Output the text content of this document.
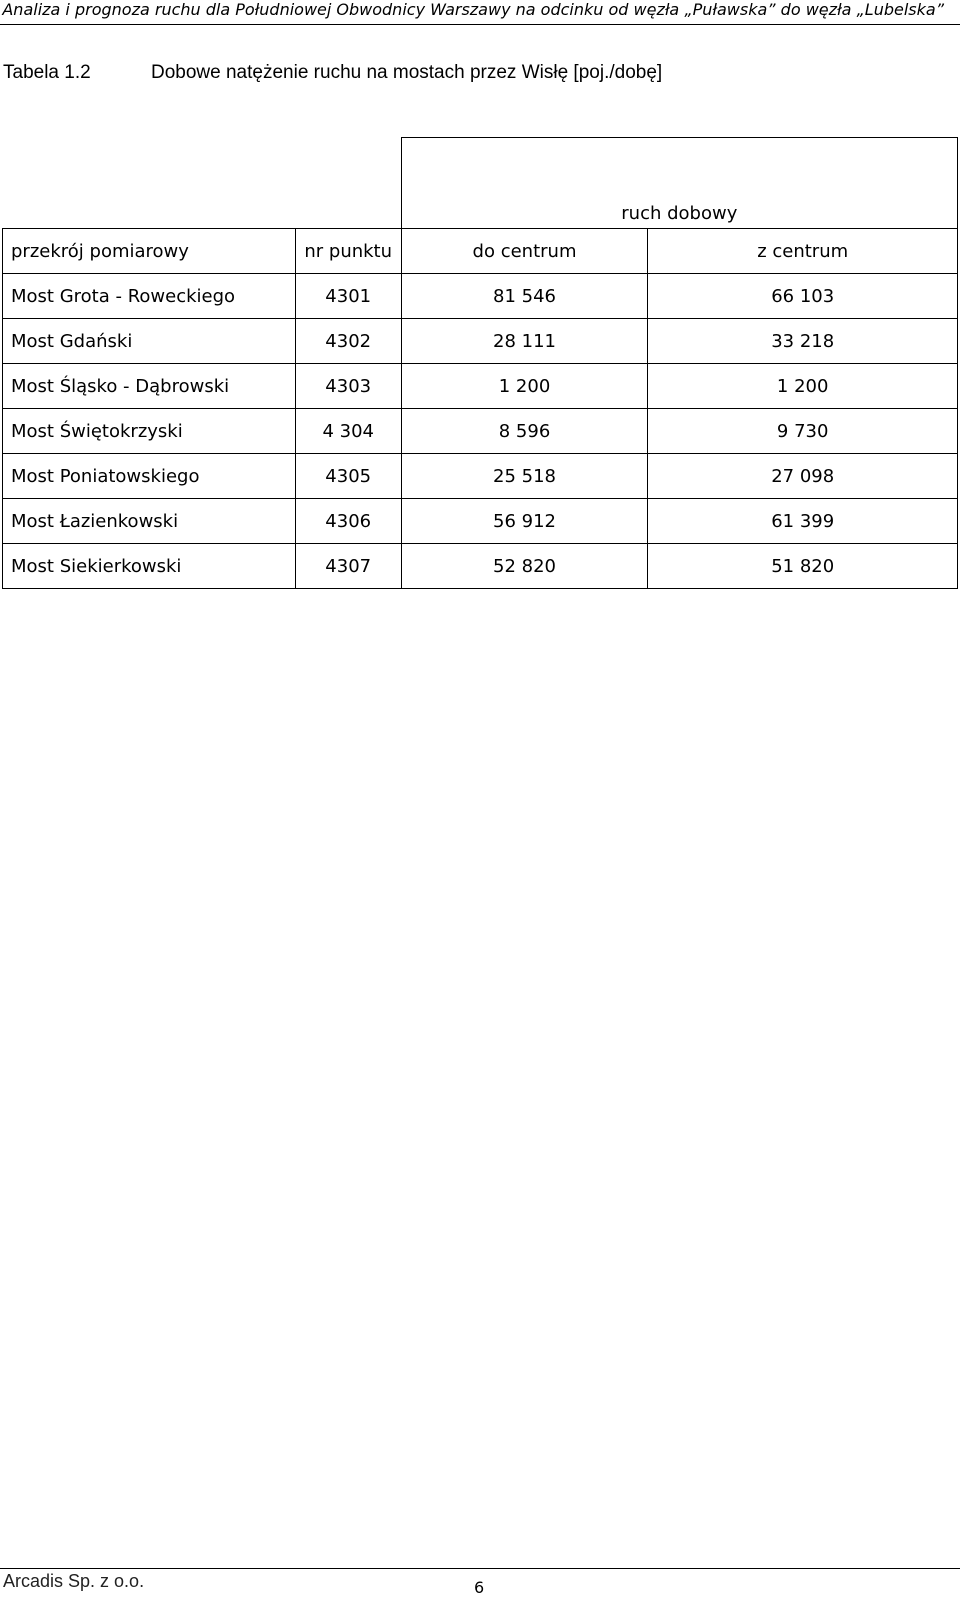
Analiza i prognoza ruchu dla Południowej Obwodnicy Warszawy na odcinku od węzła „Puławska” do węzła „Lubelska”
Tabela 1.2	Dobowe natężenie ruchu na mostach przez Wisłę [poj./dobę]
		ruch dobowy	
przekrój pomiarowy	nr punktu	do centrum	z centrum
Most Grota - Roweckiego	4301	81 546	66 103
Most Gdański	4302	28 111	33 218
Most Śląsko - Dąbrowski	4303	1 200	1 200
Most Świętokrzyski	4 304	8 596	9 730
Most Poniatowskiego	4305	25 518	27 098
Most Łazienkowski	4306	56 912	61 399
Most Siekierkowski	4307	52 820	51 820
Arcadis Sp. z o.o.	6
